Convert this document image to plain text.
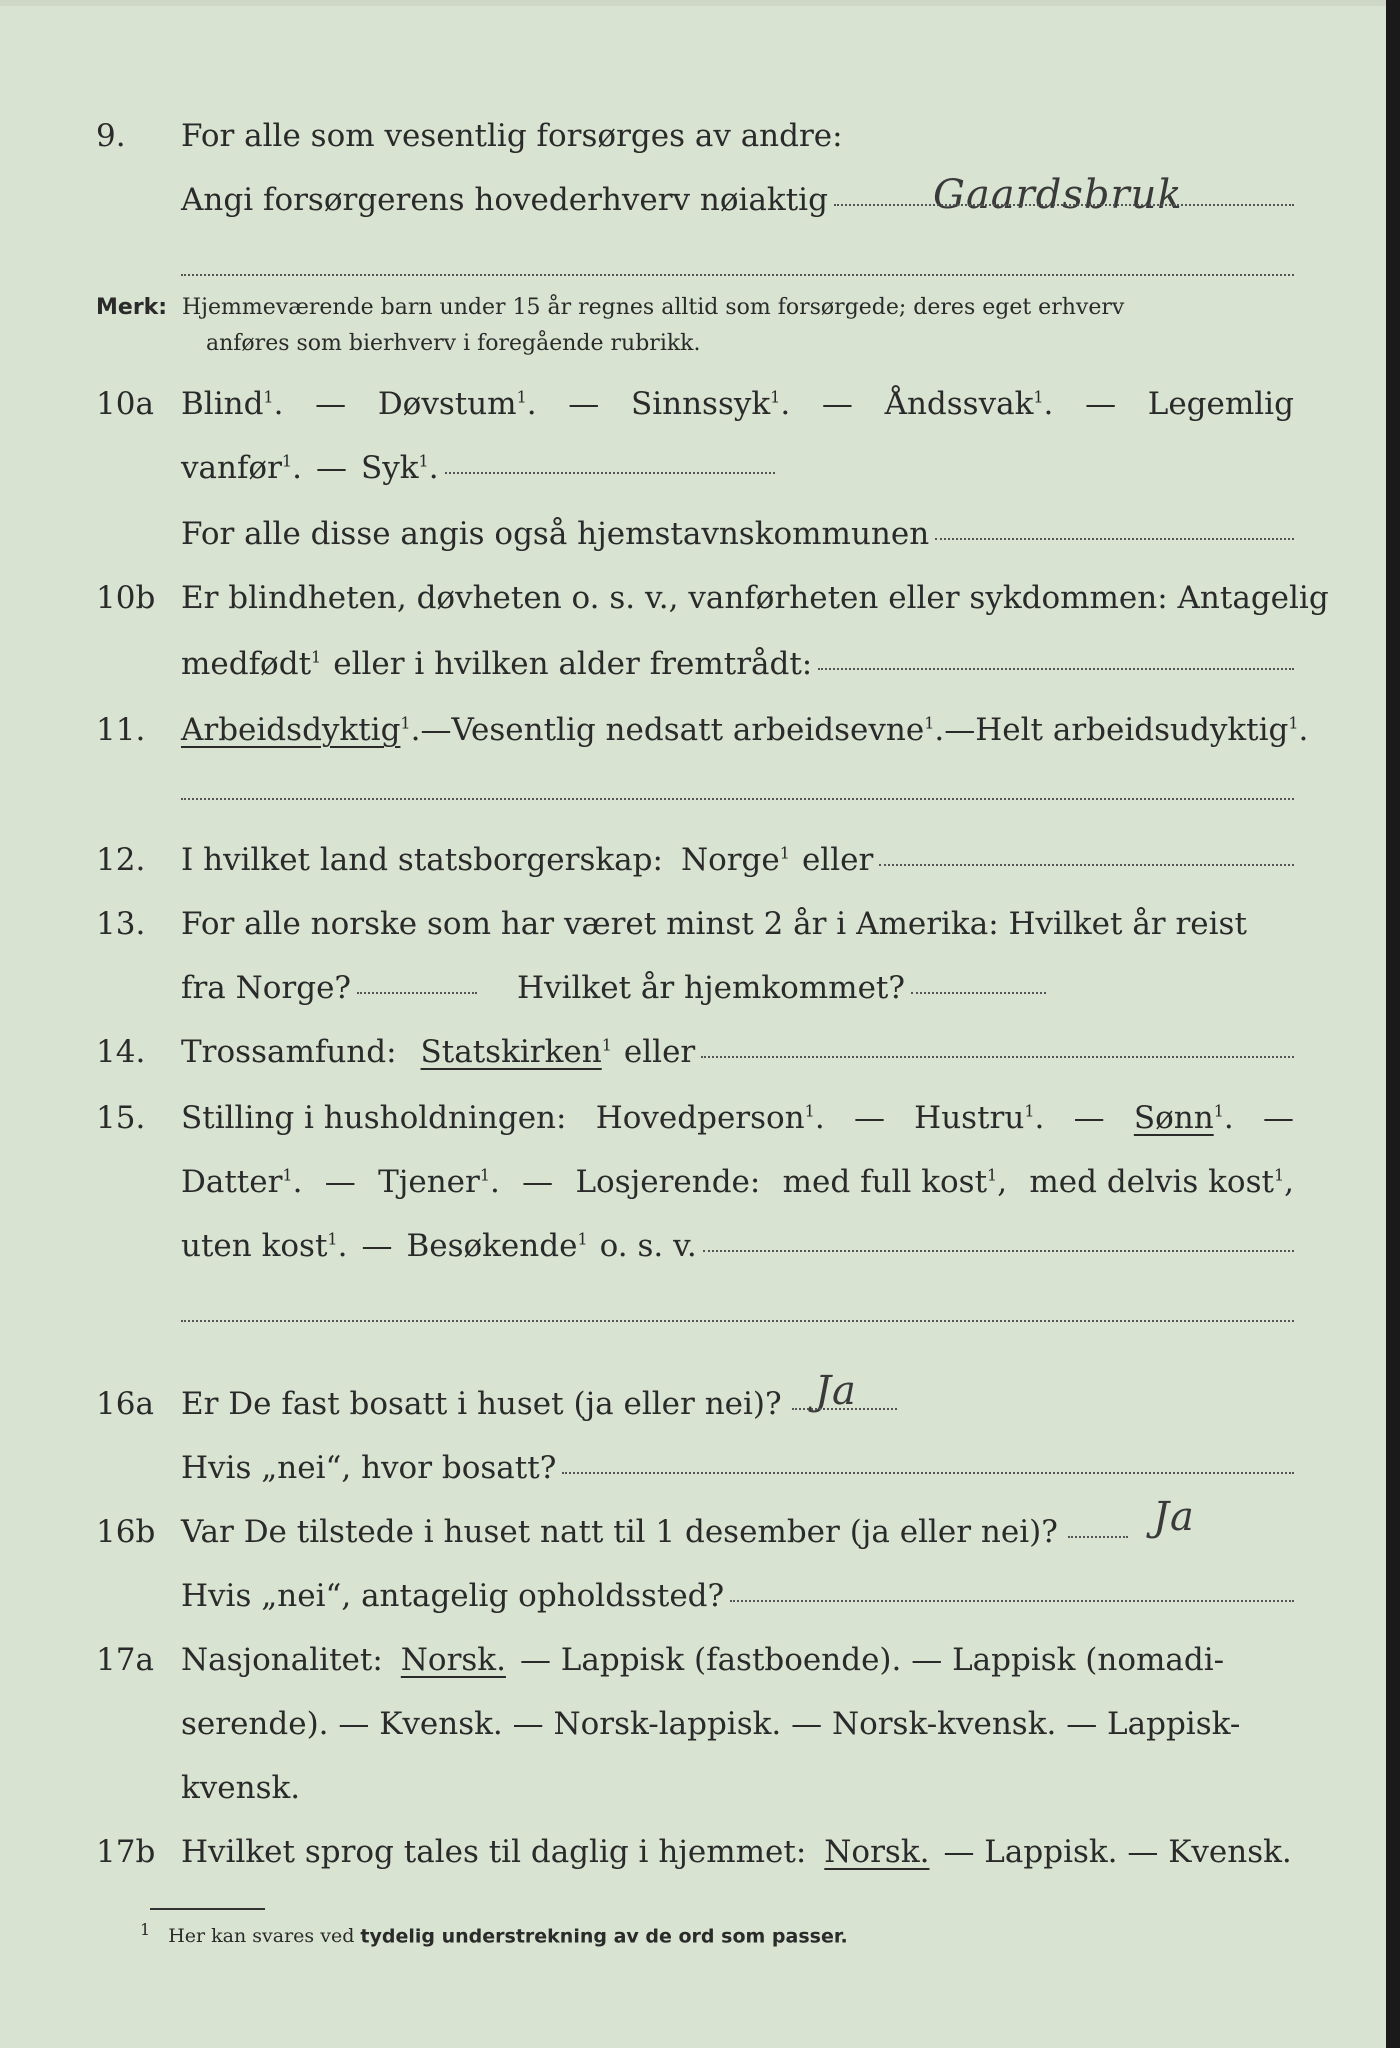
9. For alle som vesentlig forsørges av andre:
Angi forsørgerens hovederhverv nøiaktig	Gaardsbruk
Merk: Hjemmeværende barn under 15 år regnes alltid som forsørgede; deres eget erhverv
anføres som bierhverv i foregående rubrikk.
10a Blind$^1$. — Døvstum$^1$. — Sinnssyk$^1$. — Åndssvak$^1$. — Legemlig
vanfør$^1$. — Syk$^1$.
For alle disse angis også hjemstavnskommunen
10b Er blindheten, døvheten o. s. v., vanførheten eller sykdommen: Antagelig
medfødt$^1$ eller i hvilken alder fremtrådt:
11. Arbeidsdyktig$^1$. — Vesentlig nedsatt arbeidsevne$^1$. — Helt arbeidsudyktig$^1$.
12. I hvilket land statsborgerskap: Norge$^1$ eller
13. For alle norske som har været minst 2 år i Amerika: Hvilket år reist
fra Norge?	Hvilket år hjemkommet?
14. Trossamfund: Statskirken$^1$ eller
15. Stilling i husholdningen: Hovedperson$^1$. — Hustru$^1$. — Sønn$^1$. —
Datter$^1$. — Tjener$^1$. — Losjerende: med full kost$^1$, med delvis kost$^1$,
uten kost$^1$. — Besøkende$^1$ o. s. v.
16a Er De fast bosatt i huset (ja eller nei)? Ja
Hvis „nei“, hvor bosatt?
16b Var De tilstede i huset natt til 1 desember (ja eller nei)? Ja
Hvis „nei“, antagelig opholdssted?
17a Nasjonalitet: Norsk. — Lappisk (fastboende). — Lappisk (nomadi-
serende). — Kvensk. — Norsk-lappisk. — Norsk-kvensk. — Lappisk-
kvensk.
17b Hvilket sprog tales til daglig i hjemmet: Norsk. — Lappisk. — Kvensk.
$^1$ Her kan svares ved tydelig understrekning av de ord som passer.
